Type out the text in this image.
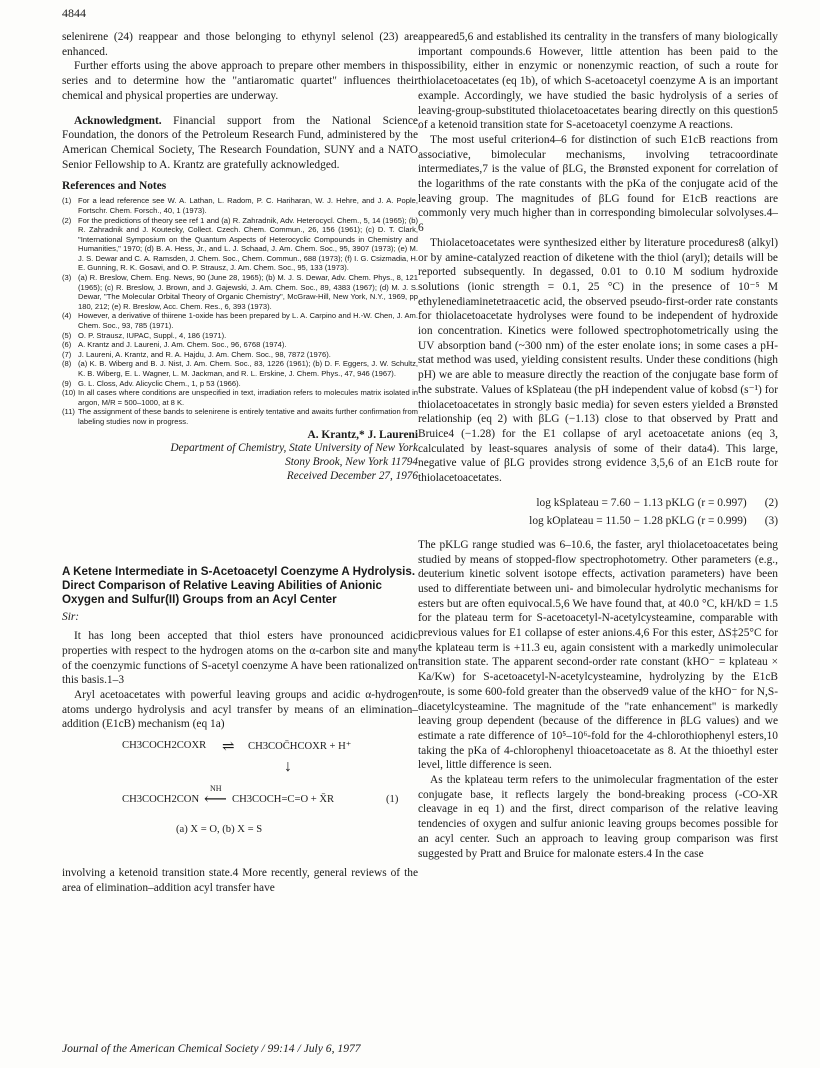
4844

selenirene (24) reappear and those belonging to ethynyl selenol (23) are enhanced.

Further efforts using the above approach to prepare other members in this series and to determine how the "antiaromatic quartet" influences their chemical and physical properties are underway.

Acknowledgment. Financial support from the National Science Foundation, the donors of the Petroleum Research Fund, administered by the American Chemical Society, The Research Foundation, SUNY and a NATO Senior Fellowship to A. Krantz are gratefully acknowledged.

References and Notes
(1) For a lead reference see W. A. Lathan, L. Radom, P. C. Hariharan, W. J. Hehre, and J. A. Pople, Fortschr. Chem. Forsch., 40, 1 (1973).
(2) For the predictions of theory see ref 1 and (a) R. Zahradnik, Adv. Heterocycl. Chem., 5, 14 (1965); (b) R. Zahradnik and J. Koutecky, Collect. Czech. Chem. Commun., 26, 156 (1961); (c) D. T. Clark, "International Symposium on the Quantum Aspects of Heterocyclic Compounds in Chemistry and Humanities," 1970; (d) B. A. Hess, Jr., and L. J. Schaad, J. Am. Chem. Soc., 95, 3907 (1973); (e) M. J. S. Dewar and C. A. Ramsden, J. Chem. Soc., Chem. Commun., 688 (1973); (f) I. G. Csizmadia, H. E. Gunning, R. K. Gosavi, and O. P. Strausz, J. Am. Chem. Soc., 95, 133 (1973).
(3) (a) R. Breslow, Chem. Eng. News, 90 (June 28, 1965); (b) M. J. S. Dewar, Adv. Chem. Phys., 8, 121 (1965); (c) R. Breslow, J. Brown, and J. Gajewski, J. Am. Chem. Soc., 89, 4383 (1967); (d) M. J. S. Dewar, "The Molecular Orbital Theory of Organic Chemistry", McGraw-Hill, New York, N.Y., 1969, pp 180, 212; (e) R. Breslow, Acc. Chem. Res., 6, 393 (1973).
(4) However, a derivative of thiirene 1-oxide has been prepared by L. A. Carpino and H.-W. Chen, J. Am. Chem. Soc., 93, 785 (1971).
(5) O. P. Strausz, IUPAC, Suppl., 4, 186 (1971).
(6) A. Krantz and J. Laureni, J. Am. Chem. Soc., 96, 6768 (1974).
(7) J. Laureni, A. Krantz, and R. A. Hajdu, J. Am. Chem. Soc., 98, 7872 (1976).
(8) (a) K. B. Wiberg and B. J. Nist, J. Am. Chem. Soc., 83, 1226 (1961); (b) D. F. Eggers, J. W. Schultz, K. B. Wiberg, E. L. Wagner, L. M. Jackman, and R. L. Erskine, J. Chem. Phys., 47, 946 (1967).
(9) G. L. Closs, Adv. Alicyclic Chem., 1, p 53 (1966).
(10) In all cases where conditions are unspecified in text, irradiation refers to molecules matrix isolated in argon, M/R = 500–1000, at 8 K.
(11) The assignment of these bands to selenirene is entirely tentative and awaits further confirmation from labeling studies now in progress.
A. Krantz,* J. Laureni
Department of Chemistry, State University of New York
Stony Brook, New York 11794
Received December 27, 1976
A Ketene Intermediate in S-Acetoacetyl Coenzyme A Hydrolysis. Direct Comparison of Relative Leaving Abilities of Anionic Oxygen and Sulfur(II) Groups from an Acyl Center
Sir:

It has long been accepted that thiol esters have pronounced acidic properties with respect to the hydrogen atoms on the α-carbon site and many of the coenzymic functions of S-acetyl coenzyme A have been rationalized on this basis.1–3

Aryl acetoacetates with powerful leaving groups and acidic α-hydrogen atoms undergo hydrolysis and acyl transfer by means of an elimination–addition (E1cB) mechanism (eq 1a)

CH3COCH2COXR ⇌ CH3COC̄HCOXR + H⁺
↓
CH3COCH2CON
NH
⟵ CH3COCH=C=O + X̄R	(1)
(a) X = O, (b) X = S

involving a ketenoid transition state.4 More recently, general reviews of the area of elimination–addition acyl transfer have

appeared5,6 and established its centrality in the transfers of many biologically important compounds.6 However, little attention has been paid to the possibility, either in enzymic or nonenzymic reaction, of such a route for thiolacetoacetates (eq 1b), of which S-acetoacetyl coenzyme A is an important example. Accordingly, we have studied the basic hydrolysis of a series of leaving-group-substituted thiolacetoacetates bearing directly on this question5 of a ketenoid transition state for S-acetoacetyl coenzyme A reactions.

The most useful criterion4–6 for distinction of such E1cB reactions from associative, bimolecular mechanisms, involving tetracoordinate intermediates,7 is the value of βLG, the Brønsted exponent for correlation of the logarithms of the rate constants with the pKa of the conjugate acid of the leaving group. The magnitudes of βLG found for E1cB reactions are commonly very much higher than in corresponding bimolecular solvolyses.4–6

Thiolacetoacetates were synthesized either by literature procedures8 (alkyl) or by amine-catalyzed reaction of diketene with the thiol (aryl); details will be reported subsequently. In degassed, 0.01 to 0.10 M sodium hydroxide solutions (ionic strength = 0.1, 25 °C) in the presence of 10⁻⁵ M ethylenediaminetetraacetic acid, the observed pseudo-first-order rate constants for thiolacetoacetate hydrolyses were found to be independent of hydroxide ion concentration. Kinetics were followed spectrophotometrically using the UV absorption band (~300 nm) of the ester enolate ions; in some cases a pH-stat method was used, yielding consistent results. Under these conditions (high pH) we are able to measure directly the reaction of the conjugate base form of the substrate. Values of kSplateau (the pH independent value of kobsd (s⁻¹) for thiolacetoacetates in strongly basic media) for seven esters yielded a Brønsted relationship (eq 2) with βLG (−1.13) close to that observed by Pratt and Bruice4 (−1.28) for the E1 collapse of aryl acetoacetate anions (eq 3, calculated by least-squares analysis of some of their data4). This large, negative value of βLG provides strong evidence 3,5,6 of an E1cB route for thiolacetoacetates.

log kSplateau = 7.60 − 1.13 pKLG (r = 0.997) (2)
log kOplateau = 11.50 − 1.28 pKLG (r = 0.999) (3)

The pKLG range studied was 6–10.6, the faster, aryl thiolacetoacetates being studied by means of stopped-flow spectrophotometry. Other parameters (e.g., deuterium kinetic solvent isotope effects, activation parameters) have been used to differentiate between uni- and bimolecular hydrolytic mechanisms for esters but are often equivocal.5,6 We have found that, at 40.0 °C, kH/kD = 1.5 for the plateau term for S-acetoacetyl-N-acetylcysteamine, comparable with previous values for E1 collapse of ester anions.4,6 For this ester, ΔS‡25°C for the kplateau term is +11.3 eu, again consistent with a markedly unimolecular transition state. The apparent second-order rate constant (kHO⁻ = kplateau × Ka/Kw) for S-acetoacetyl-N-acetylcysteamine, hydrolyzing by the E1cB route, is some 600-fold greater than the observed9 value of the kHO⁻ for N,S-diacetylcysteamine. The magnitude of the "rate enhancement" is markedly leaving group dependent (because of the difference in βLG values) and we estimate a rate difference of 10⁵–10⁶-fold for the 4-chlorothiophenyl esters,10 taking the pKa of 4-chlorophenyl thioacetoacetate as 8. At the thioethyl ester level, little difference is seen.

As the kplateau term refers to the unimolecular fragmentation of the ester conjugate base, it reflects largely the bond-breaking process (-CO-XR cleavage in eq 1) and the first, direct comparison of the relative leaving tendencies of oxygen and sulfur anionic leaving groups becomes possible for an acyl center. Such an approach to leaving group comparison was first suggested by Pratt and Bruice for malonate esters.4 In the case

Journal of the American Chemical Society / 99:14 / July 6, 1977
